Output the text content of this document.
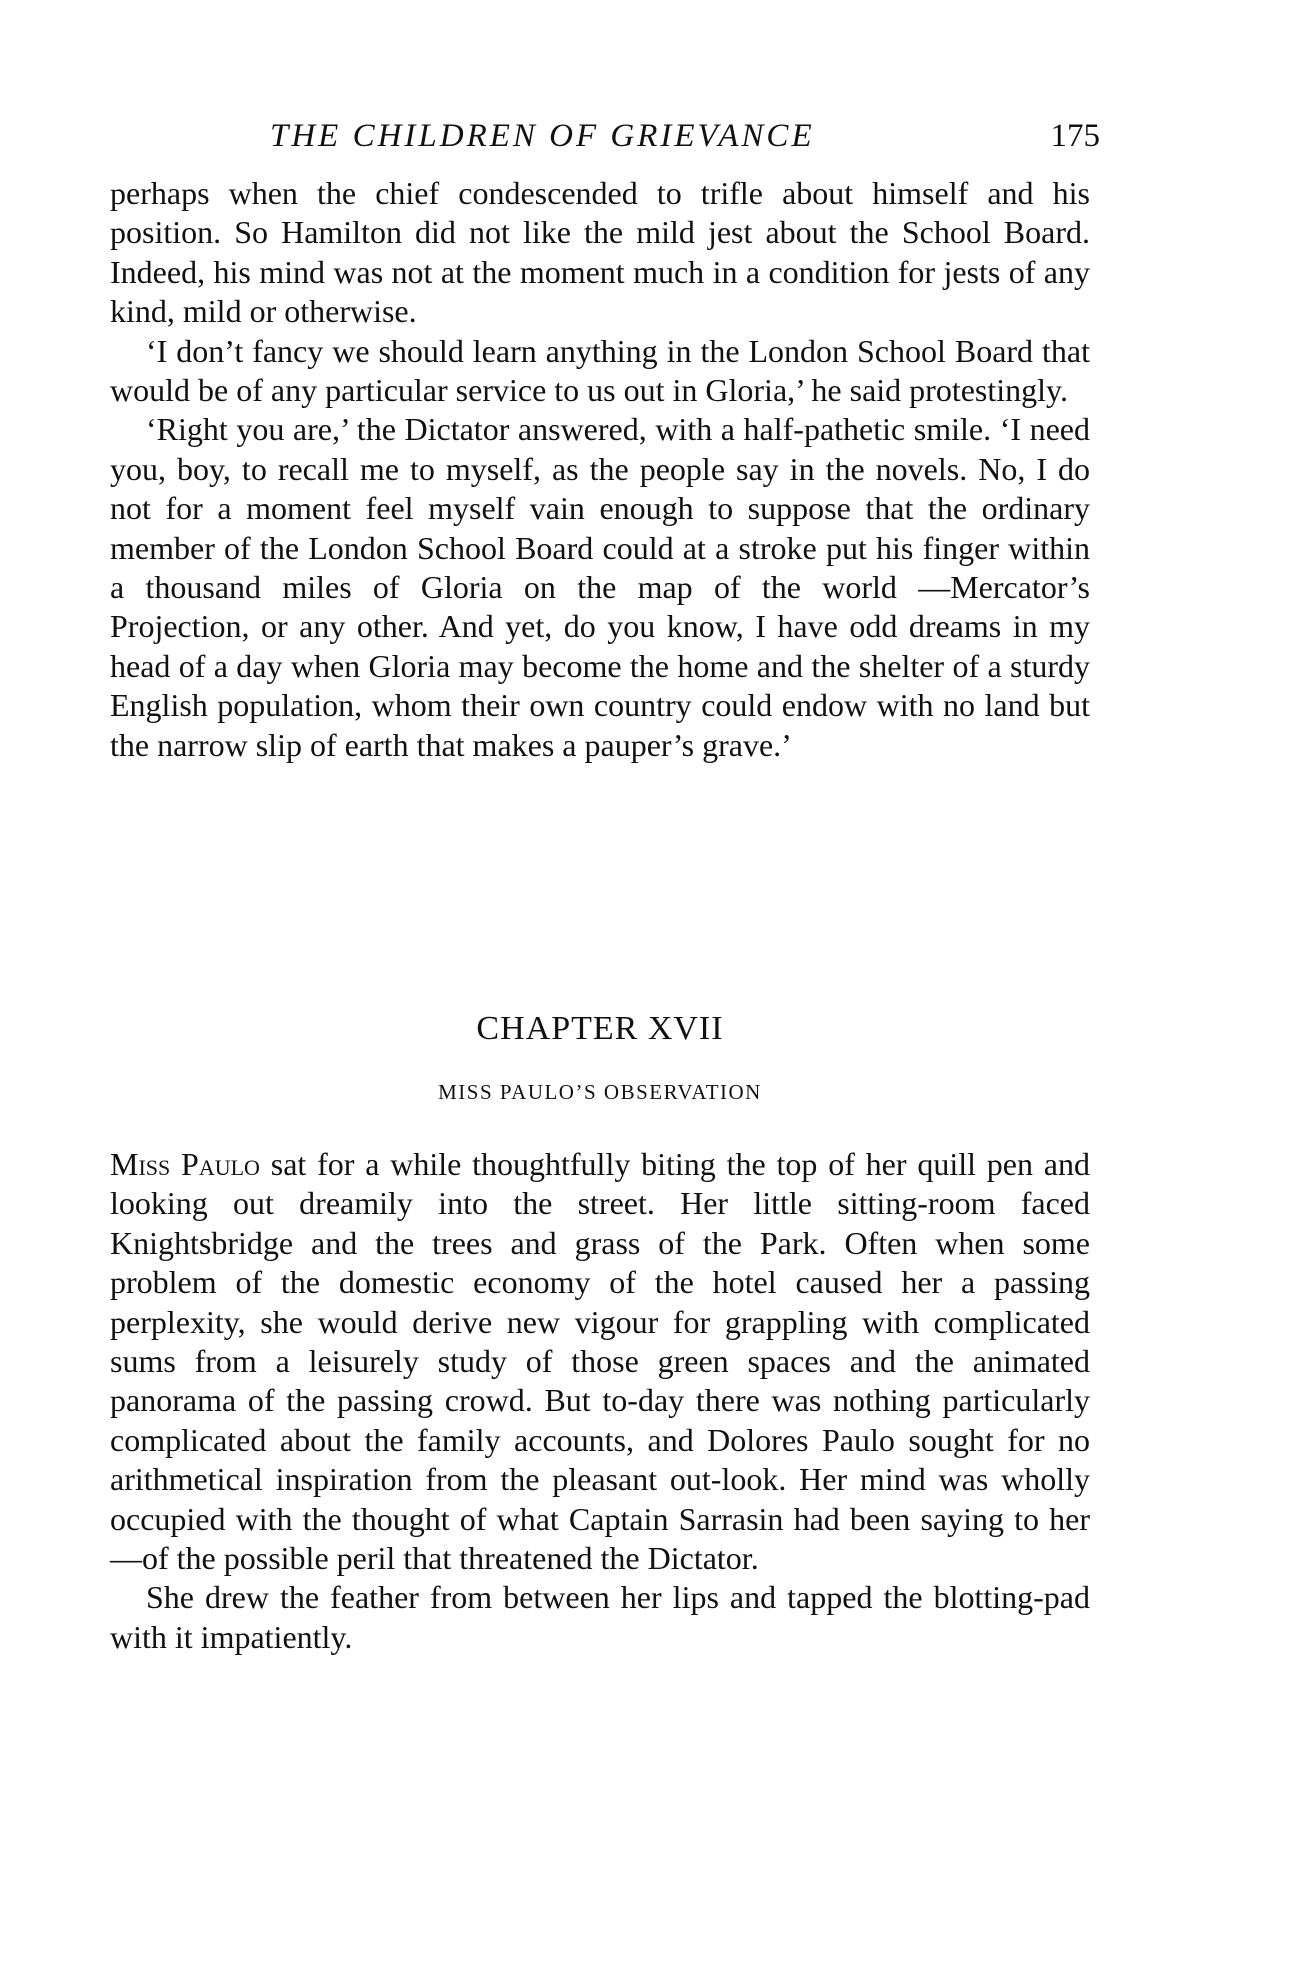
THE CHILDREN OF GRIEVANCE	175

perhaps when the chief condescended to trifle about himself and his position. So Hamilton did not like the mild jest about the School Board. Indeed, his mind was not at the moment much in a condition for jests of any kind, mild or otherwise.

‘I don’t fancy we should learn anything in the London School Board that would be of any particular service to us out in Gloria,’ he said protestingly.

‘Right you are,’ the Dictator answered, with a half-pathetic smile. ‘I need you, boy, to recall me to myself, as the people say in the novels. No, I do not for a moment feel myself vain enough to suppose that the ordinary member of the London School Board could at a stroke put his finger within a thousand miles of Gloria on the map of the world —Mercator’s Projection, or any other. And yet, do you know, I have odd dreams in my head of a day when Gloria may become the home and the shelter of a sturdy English population, whom their own country could endow with no land but the narrow slip of earth that makes a pauper’s grave.’

CHAPTER XVII
MISS PAULO’S OBSERVATION

Miss Paulo sat for a while thoughtfully biting the top of her quill pen and looking out dreamily into the street. Her little sitting-room faced Knightsbridge and the trees and grass of the Park. Often when some problem of the domestic economy of the hotel caused her a passing perplexity, she would derive new vigour for grappling with complicated sums from a leisurely study of those green spaces and the animated panorama of the passing crowd. But to-day there was nothing particularly complicated about the family accounts, and Dolores Paulo sought for no arithmetical inspiration from the pleasant out-look. Her mind was wholly occupied with the thought of what Captain Sarrasin had been saying to her—of the possible peril that threatened the Dictator.

She drew the feather from between her lips and tapped the blotting-pad with it impatiently.
